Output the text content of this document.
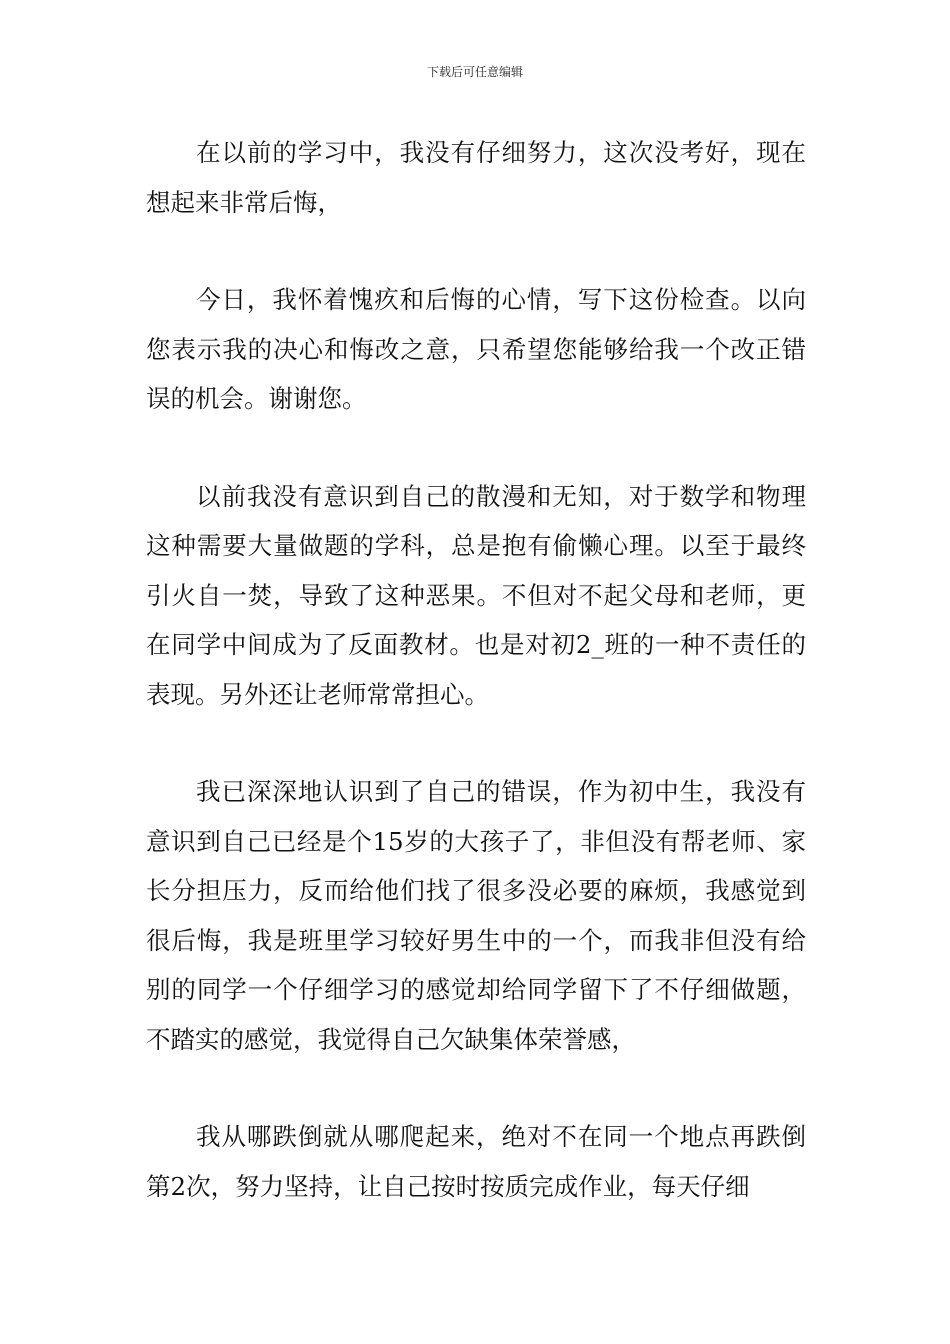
下载后可任意编辑

在以前的学习中，我没有仔细努力，这次没考好，现在想起来非常后悔，

今日，我怀着愧疚和后悔的心情，写下这份检查。以向您表示我的决心和悔改之意，只希望您能够给我一个改正错误的机会。谢谢您。

以前我没有意识到自己的散漫和无知，对于数学和物理这种需要大量做题的学科，总是抱有偷懒心理。以至于最终引火自一焚，导致了这种恶果。不但对不起父母和老师，更在同学中间成为了反面教材。也是对初2_班的一种不责任的表现。另外还让老师常常担心。

我已深深地认识到了自己的错误，作为初中生，我没有意识到自己已经是个15岁的大孩子了，非但没有帮老师、家长分担压力，反而给他们找了很多没必要的麻烦，我感觉到很后悔，我是班里学习较好男生中的一个，而我非但没有给别的同学一个仔细学习的感觉却给同学留下了不仔细做题，不踏实的感觉，我觉得自己欠缺集体荣誉感，

我从哪跌倒就从哪爬起来，绝对不在同一个地点再跌倒第2次，努力坚持，让自己按时按质完成作业，每天仔细
